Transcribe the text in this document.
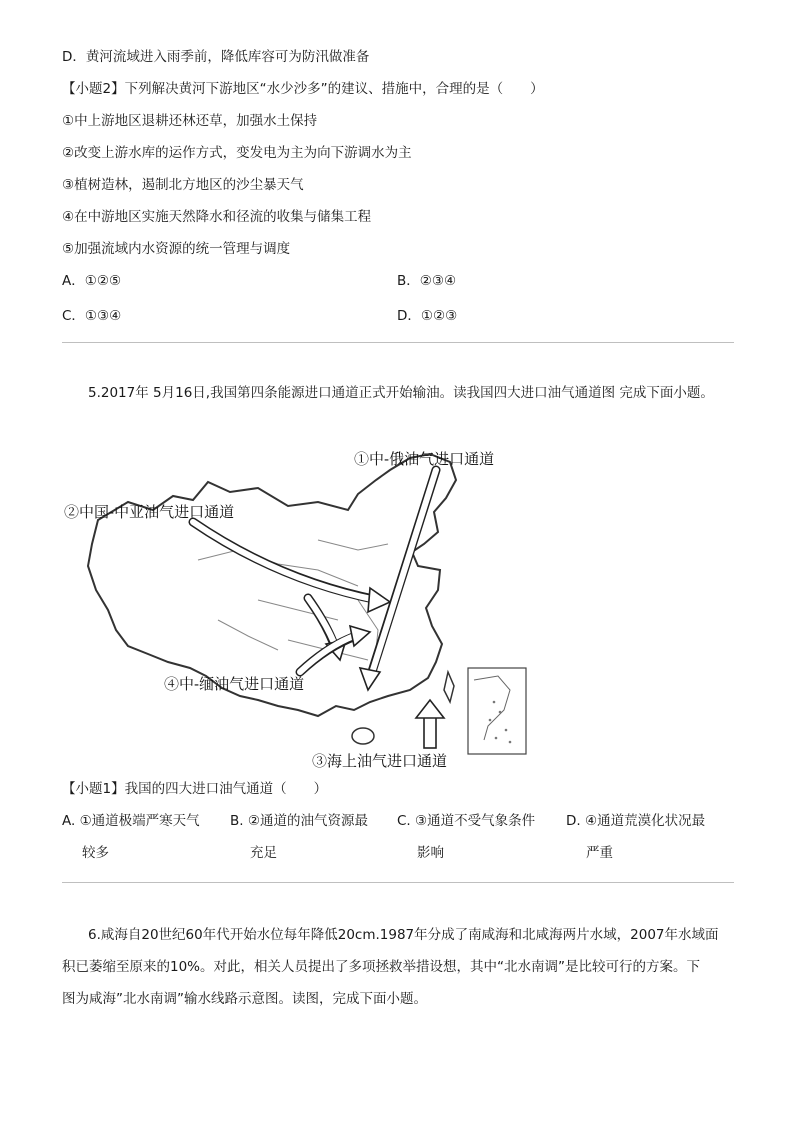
D．黄河流域进入雨季前，降低库容可为防汛做准备
【小题2】下列解决黄河下游地区“水少沙多”的建议、措施中，合理的是（　　）
①中上游地区退耕还林还草，加强水土保持
②改变上游水库的运作方式，变发电为主为向下游调水为主
③植树造林，遏制北方地区的沙尘暴天气
④在中游地区实施天然降水和径流的收集与储集工程
⑤加强流域内水资源的统一管理与调度
A．①②⑤	B．②③④
C．①③④	D．①②③
5.2017年 5月16日,我国第四条能源进口通道正式开始输油。读我国四大进口油气通道图 完成下面小题。
①中-俄油气进口通道
②中国-中亚油气进口通道
④中-缅油气进口通道
③海上油气进口通道
【小题1】我国的四大进口油气通道（　　）
A. ①通道极端严寒天气
较多
B. ②通道的油气资源最
充足
C. ③通道不受气象条件
影响
D. ④通道荒漠化状况最
严重
6.咸海自20世纪60年代开始水位每年降低20cm.1987年分成了南咸海和北咸海两片水域，2007年水域面
积已萎缩至原来的10%。对此，相关人员提出了多项拯救举措设想，其中“北水南调”是比较可行的方案。下
图为咸海”北水南调”输水线路示意图。读图，完成下面小题。
